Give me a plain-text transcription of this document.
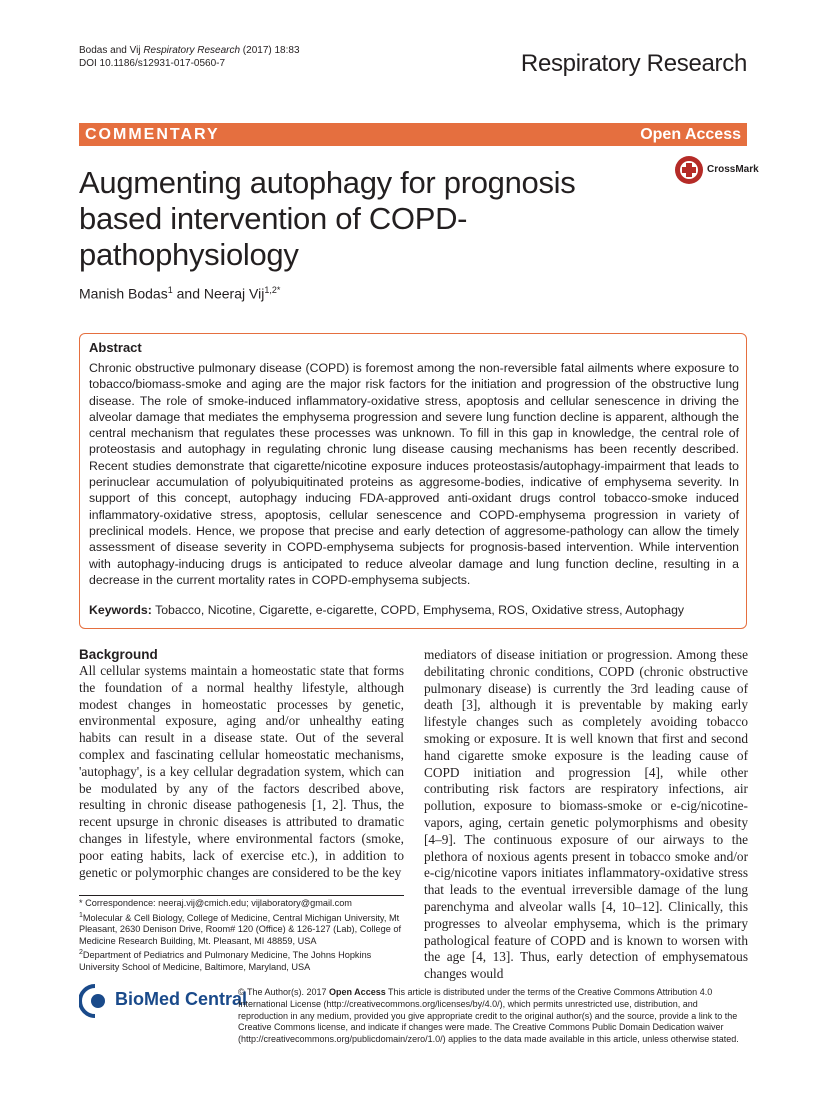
Bodas and Vij Respiratory Research (2017) 18:83
DOI 10.1186/s12931-017-0560-7	Respiratory Research
COMMENTARY	Open Access
Augmenting autophagy for prognosis based intervention of COPD-pathophysiology
CrossMark
Manish Bodas$^1$ and Neeraj Vij$^{1,2*}$
Abstract
Chronic obstructive pulmonary disease (COPD) is foremost among the non-reversible fatal ailments where exposure to tobacco/biomass-smoke and aging are the major risk factors for the initiation and progression of the obstructive lung disease. The role of smoke-induced inflammatory-oxidative stress, apoptosis and cellular senescence in driving the alveolar damage that mediates the emphysema progression and severe lung function decline is apparent, although the central mechanism that regulates these processes was unknown. To fill in this gap in knowledge, the central role of proteostasis and autophagy in regulating chronic lung disease causing mechanisms has been recently described. Recent studies demonstrate that cigarette/nicotine exposure induces proteostasis/autophagy-impairment that leads to perinuclear accumulation of polyubiquitinated proteins as aggresome-bodies, indicative of emphysema severity. In support of this concept, autophagy inducing FDA-approved anti-oxidant drugs control tobacco-smoke induced inflammatory-oxidative stress, apoptosis, cellular senescence and COPD-emphysema progression in variety of preclinical models. Hence, we propose that precise and early detection of aggresome-pathology can allow the timely assessment of disease severity in COPD-emphysema subjects for prognosis-based intervention. While intervention with autophagy-inducing drugs is anticipated to reduce alveolar damage and lung function decline, resulting in a decrease in the current mortality rates in COPD-emphysema subjects.
Keywords: Tobacco, Nicotine, Cigarette, e-cigarette, COPD, Emphysema, ROS, Oxidative stress, Autophagy
Background
All cellular systems maintain a homeostatic state that forms the foundation of a normal healthy lifestyle, although modest changes in homeostatic processes by genetic, environmental exposure, aging and/or unhealthy eating habits can result in a disease state. Out of the several complex and fascinating cellular homeostatic mechanisms, 'autophagy', is a key cellular degradation system, which can be modulated by any of the factors described above, resulting in chronic disease pathogenesis [1, 2]. Thus, the recent upsurge in chronic diseases is attributed to dramatic changes in lifestyle, where environmental factors (smoke, poor eating habits, lack of exercise etc.), in addition to genetic or polymorphic changes are considered to be the key
mediators of disease initiation or progression. Among these debilitating chronic conditions, COPD (chronic obstructive pulmonary disease) is currently the 3rd leading cause of death [3], although it is preventable by making early lifestyle changes such as completely avoiding tobacco smoking or exposure. It is well known that first and second hand cigarette smoke exposure is the leading cause of COPD initiation and progression [4], while other contributing risk factors are respiratory infections, air pollution, exposure to biomass-smoke or e-cig/nicotine-vapors, aging, certain genetic polymorphisms and obesity [4–9]. The continuous exposure of our airways to the plethora of noxious agents present in tobacco smoke and/or e-cig/nicotine vapors initiates inflammatory-oxidative stress that leads to the eventual irreversible damage of the lung parenchyma and alveolar walls [4, 10–12]. Clinically, this progresses to alveolar emphysema, which is the primary pathological feature of COPD and is known to worsen with the age [4, 13]. Thus, early detection of emphysematous changes would

* Correspondence: neeraj.vij@cmich.edu; vijlaboratory@gmail.com

$^1$Molecular & Cell Biology, College of Medicine, Central Michigan University, Mt Pleasant, 2630 Denison Drive, Room# 120 (Office) & 126-127 (Lab), College of Medicine Research Building, Mt. Pleasant, MI 48859, USA

$^2$Department of Pediatrics and Pulmonary Medicine, The Johns Hopkins University School of Medicine, Baltimore, Maryland, USA

BioMed Central
© The Author(s). 2017 Open Access This article is distributed under the terms of the Creative Commons Attribution 4.0 International License (http://creativecommons.org/licenses/by/4.0/), which permits unrestricted use, distribution, and reproduction in any medium, provided you give appropriate credit to the original author(s) and the source, provide a link to the Creative Commons license, and indicate if changes were made. The Creative Commons Public Domain Dedication waiver (http://creativecommons.org/publicdomain/zero/1.0/) applies to the data made available in this article, unless otherwise stated.
